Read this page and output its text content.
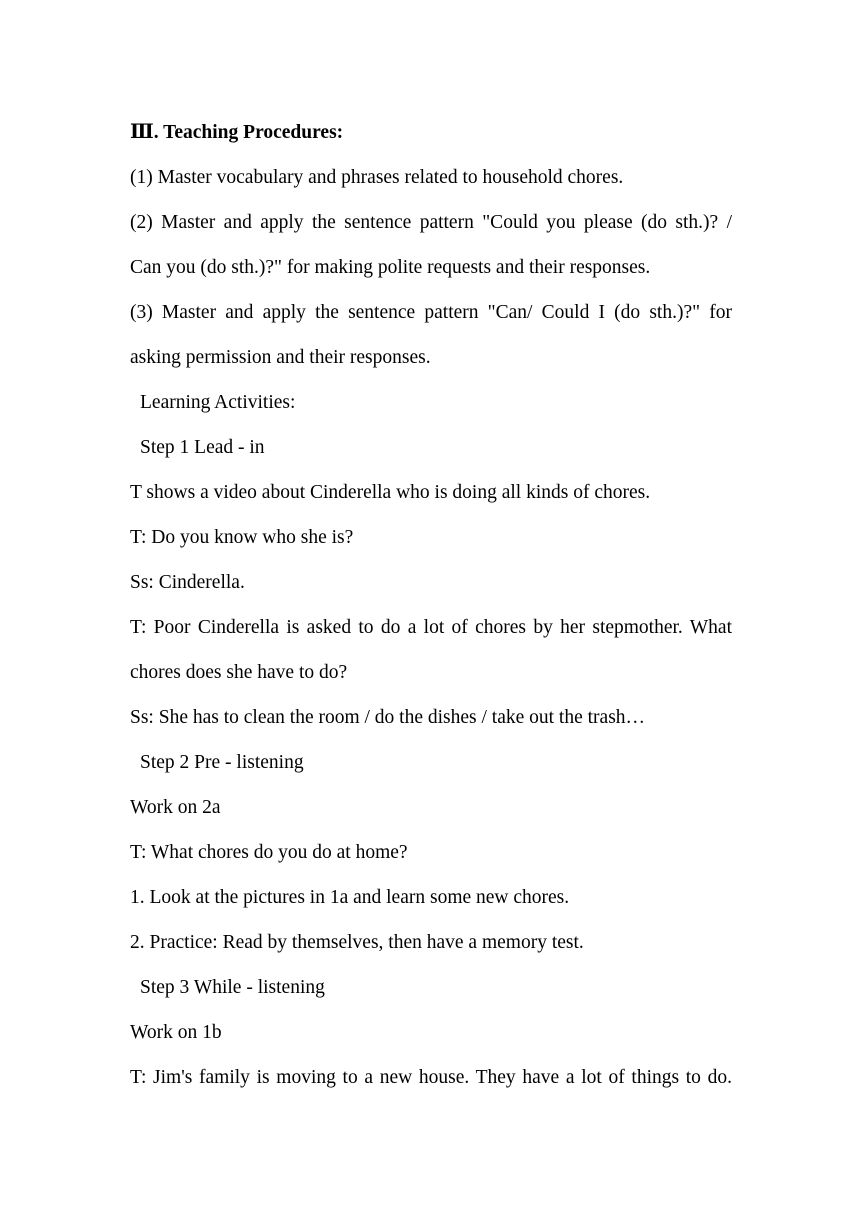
Ⅲ. Teaching Procedures:
(1) Master vocabulary and phrases related to household chores.
(2) Master and apply the sentence pattern "Could you please (do sth.)? /
Can you (do sth.)?" for making polite requests and their responses.
(3) Master and apply the sentence pattern "Can/ Could I (do sth.)?" for
asking permission and their responses.
Learning Activities:
Step 1 Lead - in
T shows a video about Cinderella who is doing all kinds of chores.
T: Do you know who she is?
Ss: Cinderella.
T: Poor Cinderella is asked to do a lot of chores by her stepmother. What
chores does she have to do?
Ss: She has to clean the room / do the dishes / take out the trash…
Step 2 Pre - listening
Work on 2a
T: What chores do you do at home?
1. Look at the pictures in 1a and learn some new chores.
2. Practice: Read by themselves, then have a memory test.
Step 3 While - listening
Work on 1b
T: Jim's family is moving to a new house. They have a lot of things to do.
